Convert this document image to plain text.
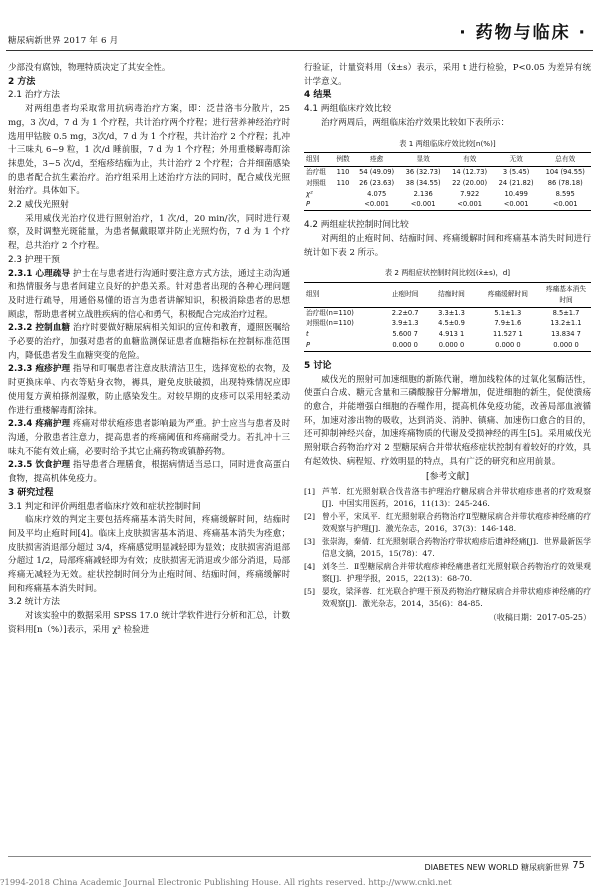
糖尿病新世界 2017 年 6 月	· 药物与临床 ·

少部没有腐蚀，物理特质决定了其安全性。

2 方法

2.1 治疗方法

对两组患者均采取常用抗病毒治疗方案，即：泛昔洛韦分散片，25 mg，3 次/d，7 d 为 1 个疗程，共计治疗两个疗程；进行营养神经治疗时选用甲钴胺 0.5 mg，3次/d，7 d 为 1 个疗程，共计治疗 2 个疗程；扎冲十三味丸 6~9 粒，1 次/d 睡前服，7 d 为 1 个疗程；外用重楼解毒酊涂抹患处，3~5 次/d，至疱疹结痂为止，共计治疗 2 个疗程；合并细菌感染的患者配合抗生素治疗。治疗组采用上述治疗方法的同时，配合威伐光照射治疗。具体如下。

2.2 威伐光照射

采用威伐光治疗仪进行照射治疗，1 次/d，20 min/次，同时进行观察，及时调整光斑能量，为患者佩戴眼罩并防止光照灼伤，7 d 为 1 个疗程，总共治疗 2 个疗程。

2.3 护理干预

2.3.1 心理疏导 护士在与患者进行沟通时要注意方式方法，通过主动沟通和热情服务与患者间建立良好的护患关系。针对患者出现的各种心理问题及时进行疏导，用通俗易懂的语言为患者讲解知识，积极消除患者的思想顾虑，帮助患者树立战胜疾病的信心和勇气，积极配合完成治疗过程。

2.3.2 控制血糖 治疗时要做好糖尿病相关知识的宣传和教育，遵照医嘱给予必要的治疗，加强对患者的血糖监测保证患者血糖指标在控制标准范围内，降低患者发生血糖突变的危险。

2.3.3 疱疹护理 指导和叮嘱患者注意皮肤清洁卫生，选择宽松的衣物，及时更换床单、内衣等贴身衣物，褥具，避免皮肤破损，出现特殊情况应即使用复方黄柏搽剂湿敷，防止感染发生。对较早期的皮疹可以采用轻柔动作进行重楼解毒酊涂抹。

2.3.4 疼痛护理 疼痛对带状疱疹患者影响最为严重。护士应当与患者及时沟通，分散患者注意力，提高患者的疼痛阈值和疼痛耐受力。若扎冲十三味丸不能有效止痛，必要时给予其它止痛药物或镇静药物。

2.3.5 饮食护理 指导患者合理膳食，根据病情适当忌口，同时进食高蛋白食物，提高机体免疫力。

3 研究过程

3.1 判定和评价两组患者临床疗效和症状控制时间

临床疗效的判定主要包括疼痛基本消失时间，疼痛缓解时间，结痂时间及平均止疱时间[4]。临床上皮肤损害基本消退、疼痛基本消失为痊愈；皮肤损害消退部分超过 3/4，疼痛感觉明显减轻即为显效；皮肤损害消退部分超过 1/2，局部疼痛减轻即为有效；皮肤损害无消退或少部分消退，局部疼痛无减轻为无效。症状控制时间分为止疱时间、结痂时间，疼痛缓解时间和疼痛基本消失时间。

3.2 统计方法

对该实验中的数据采用 SPSS 17.0 统计学软件进行分析和汇总，计数资料用[n（%）]表示，采用 χ² 检验进

行验证，计量资料用（x̄±s）表示，采用 t 进行检验，P<0.05 为差异有统计学意义。

4 结果

4.1 两组临床疗效比较

治疗两周后，两组临床治疗效果比较如下表所示：

表 1 两组临床疗效比较[n(%)]
组别	例数	痊愈	显效	有效	无效	总有效
治疗组	110	54 (49.09)	36 (32.73)	14 (12.73)	3 (5.45)	104 (94.55)
对照组	110	26 (23.63)	38 (34.55)	22 (20.00)	24 (21.82)	86 (78.18)
χ²		4.075	2.136	7.922	10.499	8.595
P		<0.001	<0.001	<0.001	<0.001	<0.001

4.2 两组症状控制时间比较

对两组的止疱时间、结痂时间、疼痛缓解时间和疼痛基本消失时间进行统计如下表 2 所示。

表 2 两组症状控制时间比较[(x̄±s)，d]
组别	止疱时间	结痂时间	疼痛缓解时间	疼痛基本消失时间
治疗组(n=110)	2.2±0.7	3.3±1.3	5.1±1.3	8.5±1.7
对照组(n=110)	3.9±1.3	4.5±0.9	7.9±1.6	13.2±1.1
t	5.600 7	4.913 1	11.527 1	13.834 7
P	0.000 0	0.000 0	0.000 0	0.000 0

5 讨论

威伐光的照射可加速细胞的新陈代谢，增加线粒体的过氧化氢酶活性，使蛋白合成、糖元含量和三磷酸腺苷分解增加，促进细胞的新生，促使溃疡的愈合，并能增强白细胞的吞噬作用，提高机体免疫功能，改善局部血液循环，加速对渗出物的吸收，达到消炎、消肿、镇痛、加速伤口愈合的目的，还可抑制神经兴奋，加速疼痛物质的代谢及受损神经的再生[5]。采用威伐光照射联合药物治疗对 2 型糖尿病合并带状疱疹症状控制有着较好的疗效，具有起效快、病程短、疗效明显的特点，具有广泛的研究和应用前景。

[参考文献]
[1] 芦苇．红光照射联合伐昔洛韦护理治疗糖尿病合并带状疱疹患者的疗效观察[J]．中国实用医药，2016，11(13)：245-246.
[2] 曾小平，宋凤平．红光照射联合药物治疗Ⅱ型糖尿病合并带状疱疹神经痛的疗效观察与护理[J]．激光杂志，2016，37(3)：146-148.
[3] 张崇海，秦倩．红光照射联合药物治疗带状疱疹后遗神经痛[J]．世界最新医学信息文摘，2015，15(78)：47.
[4] 刘冬兰．Ⅱ型糖尿病合并带状疱疹神经痛患者红光照射联合药物治疗的效果观察[J]．护理学报，2015，22(13)：68-70.
[5] 晏玫，梁泽蓉．红光联合护理干预及药物治疗糖尿病合并带状疱疹神经痛的疗效观察[J]．激光杂志，2014，35(6)：84-85.
（收稿日期：2017-05-25）
DIABETES NEW WORLD 糖尿病新世界 75
?1994-2018 China Academic Journal Electronic Publishing House. All rights reserved. http://www.cnki.net
